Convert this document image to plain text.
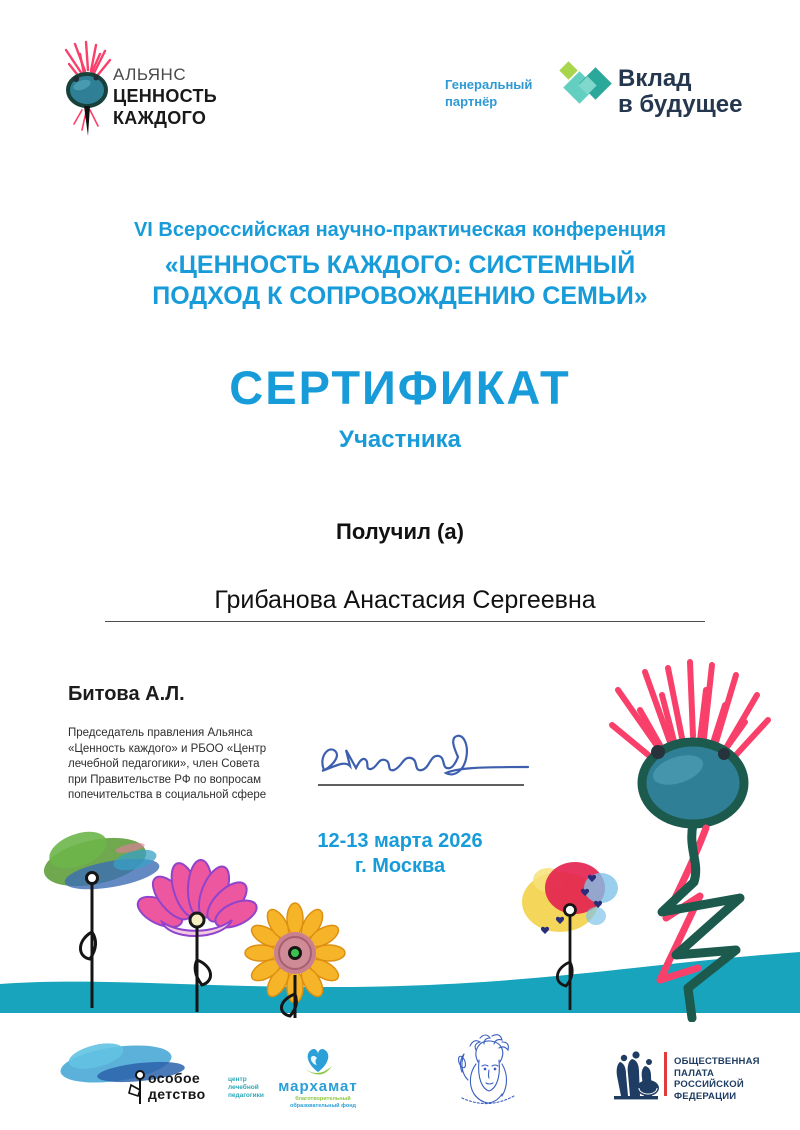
АЛЬЯНС
ЦЕННОСТЬ
КАЖДОГО
Генеральный
партнёр
Вклад
в будущее
VI Всероссийская научно-практическая конференция
«ЦЕННОСТЬ КАЖДОГО: СИСТЕМНЫЙ
ПОДХОД К СОПРОВОЖДЕНИЮ СЕМЬИ»
СЕРТИФИКАТ
Участника
Получил (а)
Грибанова Анастасия Сергеевна
Битова А.Л.
Председатель правления Альянса «Ценность каждого» и РБОО «Центр лечебной педагогики», член Совета при Правительстве РФ по вопросам попечительства в социальной сфере
12-13 марта 2026
г. Москва
особое
детство
центр
лечебной
педагогики
мархамат
благотворительный
образовательный фонд
ОБЩЕСТВЕННАЯ
ПАЛАТА
РОССИЙСКОЙ
ФЕДЕРАЦИИ
